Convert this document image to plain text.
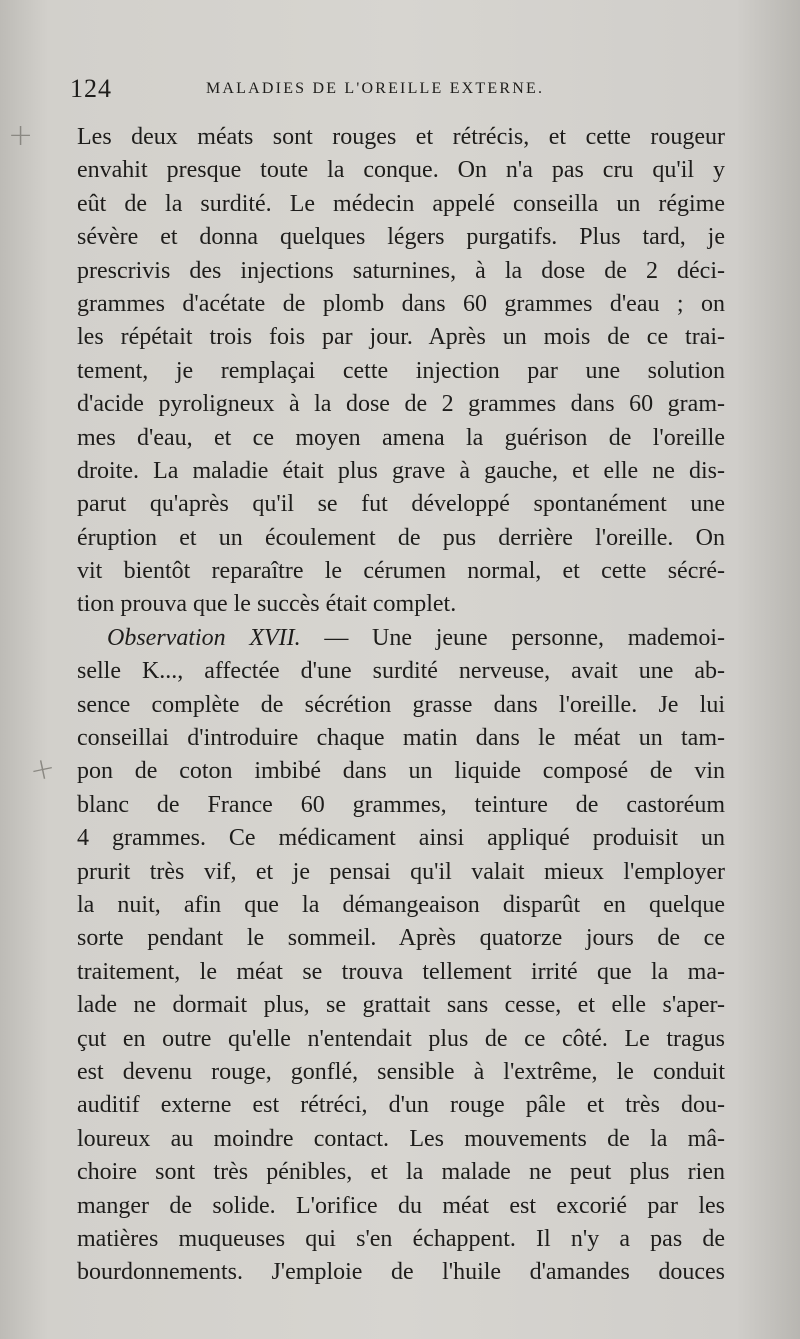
124	MALADIES DE L'OREILLE EXTERNE.
+
+
Les deux méats sont rouges et rétrécis, et cette rougeur
envahit presque toute la conque. On n'a pas cru qu'il y
eût de la surdité. Le médecin appelé conseilla un régime
sévère et donna quelques légers purgatifs. Plus tard, je
prescrivis des injections saturnines, à la dose de 2 déci-
grammes d'acétate de plomb dans 60 grammes d'eau ; on
les répétait trois fois par jour. Après un mois de ce trai-
tement, je remplaçai cette injection par une solution
d'acide pyroligneux à la dose de 2 grammes dans 60 gram-
mes d'eau, et ce moyen amena la guérison de l'oreille
droite. La maladie était plus grave à gauche, et elle ne dis-
parut qu'après qu'il se fut développé spontanément une
éruption et un écoulement de pus derrière l'oreille. On
vit bientôt reparaître le cérumen normal, et cette sécré-
tion prouva que le succès était complet.
Observation XVII. — Une jeune personne, mademoi-
selle K..., affectée d'une surdité nerveuse, avait une ab-
sence complète de sécrétion grasse dans l'oreille. Je lui
conseillai d'introduire chaque matin dans le méat un tam-
pon de coton imbibé dans un liquide composé de vin
blanc de France 60 grammes, teinture de castoréum
4 grammes. Ce médicament ainsi appliqué produisit un
prurit très vif, et je pensai qu'il valait mieux l'employer
la nuit, afin que la démangeaison disparût en quelque
sorte pendant le sommeil. Après quatorze jours de ce
traitement, le méat se trouva tellement irrité que la ma-
lade ne dormait plus, se grattait sans cesse, et elle s'aper-
çut en outre qu'elle n'entendait plus de ce côté. Le tragus
est devenu rouge, gonflé, sensible à l'extrême, le conduit
auditif externe est rétréci, d'un rouge pâle et très dou-
loureux au moindre contact. Les mouvements de la mâ-
choire sont très pénibles, et la malade ne peut plus rien
manger de solide. L'orifice du méat est excorié par les
matières muqueuses qui s'en échappent. Il n'y a pas de
bourdonnements. J'emploie de l'huile d'amandes douces
